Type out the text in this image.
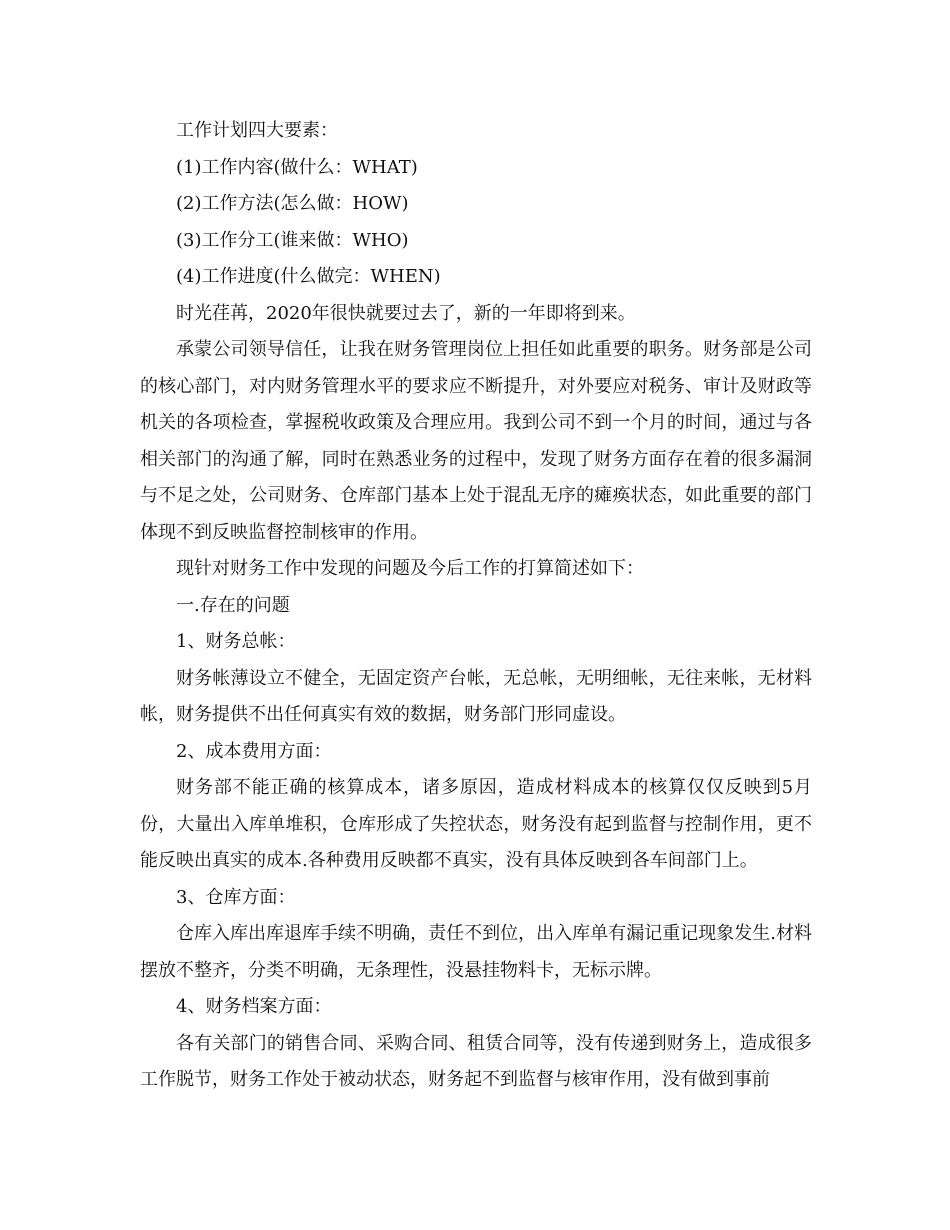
工作计划四大要素：

(1)工作内容(做什么：WHAT)

(2)工作方法(怎么做：HOW)

(3)工作分工(谁来做：WHO)

(4)工作进度(什么做完：WHEN)

时光荏苒，2020年很快就要过去了，新的一年即将到来。

承蒙公司领导信任，让我在财务管理岗位上担任如此重要的职务。财务部是公司的核心部门，对内财务管理水平的要求应不断提升，对外要应对税务、审计及财政等机关的各项检查，掌握税收政策及合理应用。我到公司不到一个月的时间，通过与各相关部门的沟通了解，同时在熟悉业务的过程中，发现了财务方面存在着的很多漏洞与不足之处，公司财务、仓库部门基本上处于混乱无序的瘫痪状态，如此重要的部门体现不到反映监督控制核审的作用。

现针对财务工作中发现的问题及今后工作的打算简述如下：

一.存在的问题

1、财务总帐：

财务帐薄设立不健全，无固定资产台帐，无总帐，无明细帐，无往来帐，无材料帐，财务提供不出任何真实有效的数据，财务部门形同虚设。

2、成本费用方面：

财务部不能正确的核算成本，诸多原因，造成材料成本的核算仅仅反映到5月份，大量出入库单堆积，仓库形成了失控状态，财务没有起到监督与控制作用，更不能反映出真实的成本.各种费用反映都不真实，没有具体反映到各车间部门上。

3、仓库方面：

仓库入库出库退库手续不明确，责任不到位，出入库单有漏记重记现象发生.材料摆放不整齐，分类不明确，无条理性，没悬挂物料卡，无标示牌。

4、财务档案方面：

各有关部门的销售合同、采购合同、租赁合同等，没有传递到财务上，造成很多工作脱节，财务工作处于被动状态，财务起不到监督与核审作用，没有做到事前
